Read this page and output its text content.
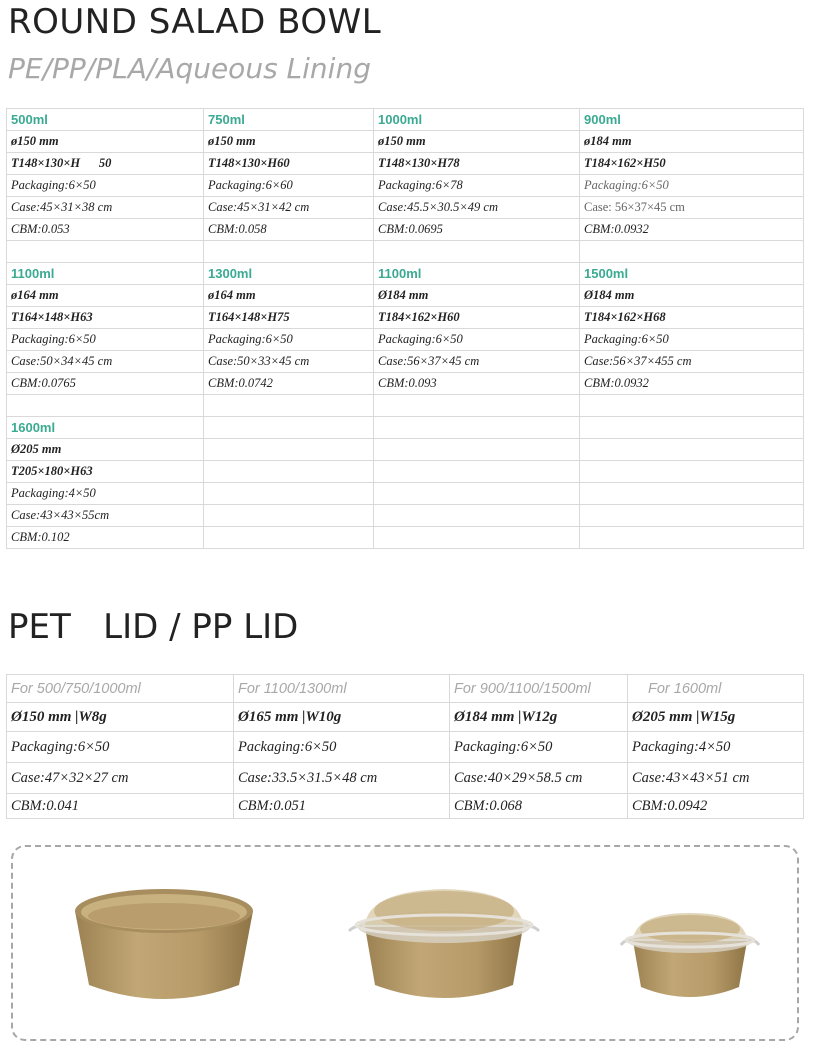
ROUND SALAD BOWL
PE/PP/PLA/Aqueous Lining
500ml	750ml	1000ml	900ml
ø150 mm	ø150 mm	ø150 mm	ø184 mm
T148×130×H      50	T148×130×H60	T148×130×H78	T184×162×H50
Packaging:6×50	Packaging:6×60	Packaging:6×78	Packaging:6×50
Case:45×31×38 cm	Case:45×31×42 cm	Case:45.5×30.5×49 cm	Case: 56×37×45 cm
CBM:0.053	CBM:0.058	CBM:0.0695	CBM:0.0932

1100ml	1300ml	1100ml	1500ml
ø164 mm	ø164 mm	Ø184 mm	Ø184 mm
T164×148×H63	T164×148×H75	T184×162×H60	T184×162×H68
Packaging:6×50	Packaging:6×50	Packaging:6×50	Packaging:6×50
Case:50×34×45 cm	Case:50×33×45 cm	Case:56×37×45 cm	Case:56×37×455 cm
CBM:0.0765	CBM:0.0742	CBM:0.093	CBM:0.0932

1600ml			
Ø205 mm			
T205×180×H63			
Packaging:4×50			
Case:43×43×55cm			
CBM:0.102			
PET   LID / PP LID
For 500/750/1000ml	For 1100/1300ml	For 900/1100/1500ml	For 1600ml
Ø150 mm |W8g	Ø165 mm |W10g	Ø184 mm |W12g	Ø205 mm |W15g
Packaging:6×50	Packaging:6×50	Packaging:6×50	Packaging:4×50
Case:47×32×27 cm	Case:33.5×31.5×48 cm	Case:40×29×58.5 cm	Case:43×43×51 cm
CBM:0.041	CBM:0.051	CBM:0.068	CBM:0.0942
